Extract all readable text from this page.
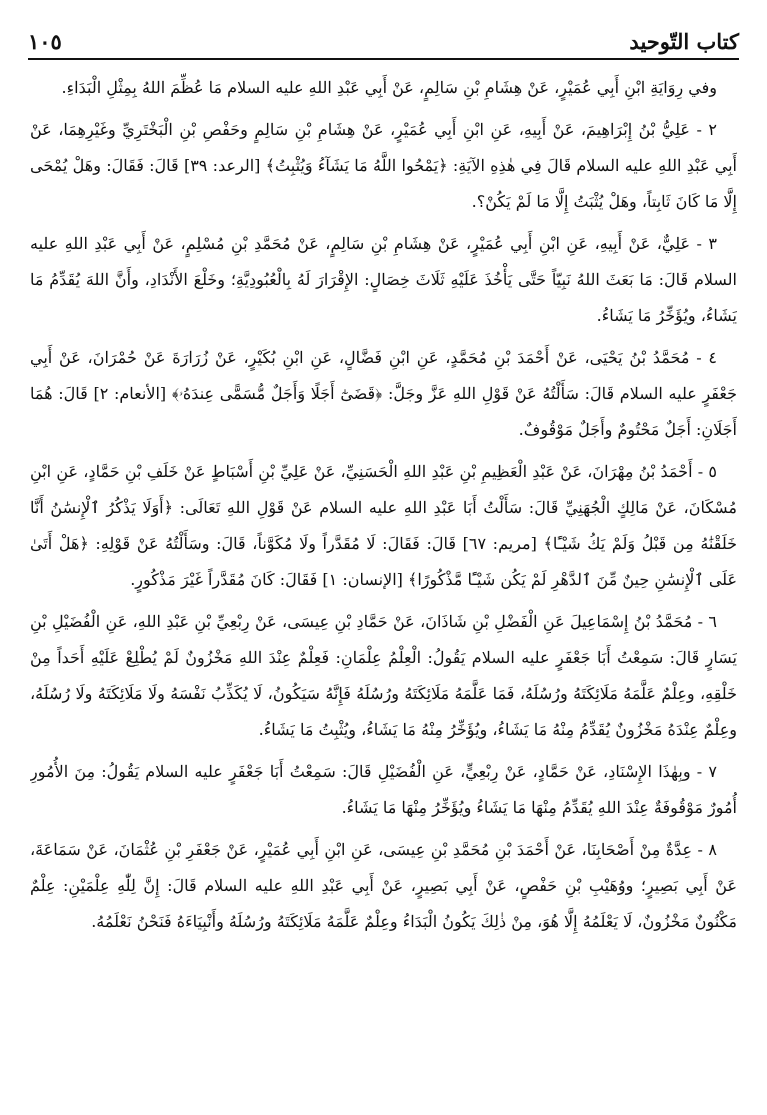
كتاب التّوحيد
١٠٥

وفي رِوَايَةِ ابْنِ أَبِي عُمَيْرٍ، عَنْ هِشَامِ بْنِ سَالِمٍ، عَنْ أَبِي عَبْدِ اللهِ عليه السلام مَا عُظِّمَ اللهُ بِمِثْلِ الْبَدَاءِ.

٢ - عَلِيُّ بْنُ إِبْرَاهِيمَ، عَنْ أَبِيهِ، عَنِ ابْنِ أَبِي عُمَيْرٍ، عَنْ هِشَامِ بْنِ سَالِمٍ وحَفْصِ بْنِ الْبَخْتَرِيِّ وغَيْرِهِمَا، عَنْ أَبِي عَبْدِ اللهِ عليه السلام قَالَ فِي هٰذِهِ الآيَةِ: ﴿يَمْحُوا اللَّهُ مَا يَشَآءُ وَيُثْبِتُ﴾ [الرعد: ٣٩] قَالَ: فَقَالَ: وهَلْ يُمْحَى إِلَّا مَا كَانَ ثَابِتاً، وهَلْ يُثْبَتُ إِلَّا مَا لَمْ يَكُنْ؟.

٣ - عَلِيٌّ، عَنْ أَبِيهِ، عَنِ ابْنِ أَبِي عُمَيْرٍ، عَنْ هِشَامِ بْنِ سَالِمٍ، عَنْ مُحَمَّدِ بْنِ مُسْلِمٍ، عَنْ أَبِي عَبْدِ اللهِ عليه السلام قَالَ: مَا بَعَثَ اللهُ نَبِيّاً حَتَّى يَأْخُذَ عَلَيْهِ ثَلَاثَ خِصَالٍ: الإِقْرَارَ لَهُ بِالْعُبُودِيَّةِ؛ وخَلْعَ الأَنْدَادِ، وأَنَّ اللهَ يُقَدِّمُ مَا يَشَاءُ، ويُؤَخِّرُ مَا يَشَاءُ.

٤ - مُحَمَّدُ بْنُ يَحْيَى، عَنْ أَحْمَدَ بْنِ مُحَمَّدٍ، عَنِ ابْنِ فَضَّالٍ، عَنِ ابْنِ بُكَيْرٍ، عَنْ زُرَارَةَ عَنْ حُمْرَانَ، عَنْ أَبِي جَعْفَرٍ عليه السلام قَالَ: سَأَلْتُهُ عَنْ قَوْلِ اللهِ عَزَّ وجَلَّ: ﴿قَضَىٰٓ أَجَلًا وَأَجَلٌ مُّسَمًّى عِندَهُۥ﴾ [الأنعام: ٢] قَالَ: هُمَا أَجَلَانِ: أَجَلٌ مَحْتُومٌ وأَجَلٌ مَوْقُوفٌ.

٥ - أَحْمَدُ بْنُ مِهْرَانَ، عَنْ عَبْدِ الْعَظِيمِ بْنِ عَبْدِ اللهِ الْحَسَنِيِّ، عَنْ عَلِيِّ بْنِ أَسْبَاطٍ عَنْ خَلَفِ بْنِ حَمَّادٍ، عَنِ ابْنِ مُسْكَانَ، عَنْ مَالِكٍ الْجُهَنِيِّ قَالَ: سَأَلْتُ أَبَا عَبْدِ اللهِ عليه السلام عَنْ قَوْلِ اللهِ تَعَالَى: ﴿أَوَلَا يَذْكُرُ ٱلْإِنسَٰنُ أَنَّا خَلَقْنَٰهُ مِن قَبْلُ وَلَمْ يَكُ شَيْـًٔا﴾ [مريم: ٦٧] قَالَ: فَقَالَ: لَا مُقَدَّراً ولَا مُكَوَّناً، قَالَ: وسَأَلْتُهُ عَنْ قَوْلِهِ: ﴿هَلْ أَتَىٰ عَلَى ٱلْإِنسَٰنِ حِينٌ مِّنَ ٱلدَّهْرِ لَمْ يَكُن شَيْـًٔا مَّذْكُورًا﴾ [الإنسان: ١] فَقَالَ: كَانَ مُقَدَّراً غَيْرَ مَذْكُورٍ.

٦ - مُحَمَّدُ بْنُ إِسْمَاعِيلَ عَنِ الْفَضْلِ بْنِ شَاذَانَ، عَنْ حَمَّادِ بْنِ عِيسَى، عَنْ رِبْعِيِّ بْنِ عَبْدِ اللهِ، عَنِ الْفُضَيْلِ بْنِ يَسَارٍ قَالَ: سَمِعْتُ أَبَا جَعْفَرٍ عليه السلام يَقُولُ: الْعِلْمُ عِلْمَانِ: فَعِلْمٌ عِنْدَ اللهِ مَخْزُونٌ لَمْ يُطْلِعْ عَلَيْهِ أَحَداً مِنْ خَلْقِهِ، وعِلْمٌ عَلَّمَهُ مَلَائِكَتَهُ ورُسُلَهُ، فَمَا عَلَّمَهُ مَلَائِكَتَهُ ورُسُلَهُ فَإِنَّهُ سَيَكُونُ، لَا يُكَذِّبُ نَفْسَهُ ولَا مَلَائِكَتَهُ ولَا رُسُلَهُ، وعِلْمٌ عِنْدَهُ مَخْزُونٌ يُقَدِّمُ مِنْهُ مَا يَشَاءُ، ويُؤَخِّرُ مِنْهُ مَا يَشَاءُ، ويُثْبِتُ مَا يَشَاءُ.

٧ - وبِهٰذَا الإِسْنَادِ، عَنْ حَمَّادٍ، عَنْ رِبْعِيٍّ، عَنِ الْفُضَيْلِ قَالَ: سَمِعْتُ أَبَا جَعْفَرٍ عليه السلام يَقُولُ: مِنَ الأُمُورِ أُمُورٌ مَوْقُوفَةٌ عِنْدَ اللهِ يُقَدِّمُ مِنْهَا مَا يَشَاءُ ويُؤَخِّرُ مِنْهَا مَا يَشَاءُ.

٨ - عِدَّةٌ مِنْ أَصْحَابِنَا، عَنْ أَحْمَدَ بْنِ مُحَمَّدِ بْنِ عِيسَى، عَنِ ابْنِ أَبِي عُمَيْرٍ، عَنْ جَعْفَرِ بْنِ عُثْمَانَ، عَنْ سَمَاعَةَ، عَنْ أَبِي بَصِيرٍ؛ ووُهَيْبِ بْنِ حَفْصٍ، عَنْ أَبِي بَصِيرٍ، عَنْ أَبِي عَبْدِ اللهِ عليه السلام قَالَ: إِنَّ لِلّٰهِ عِلْمَيْنِ: عِلْمٌ مَكْنُونٌ مَخْزُونٌ، لَا يَعْلَمُهُ إِلَّا هُوَ، مِنْ ذٰلِكَ يَكُونُ الْبَدَاءُ وعِلْمٌ عَلَّمَهُ مَلَائِكَتَهُ ورُسُلَهُ وأَنْبِيَاءَهُ فَنَحْنُ نَعْلَمُهُ.
